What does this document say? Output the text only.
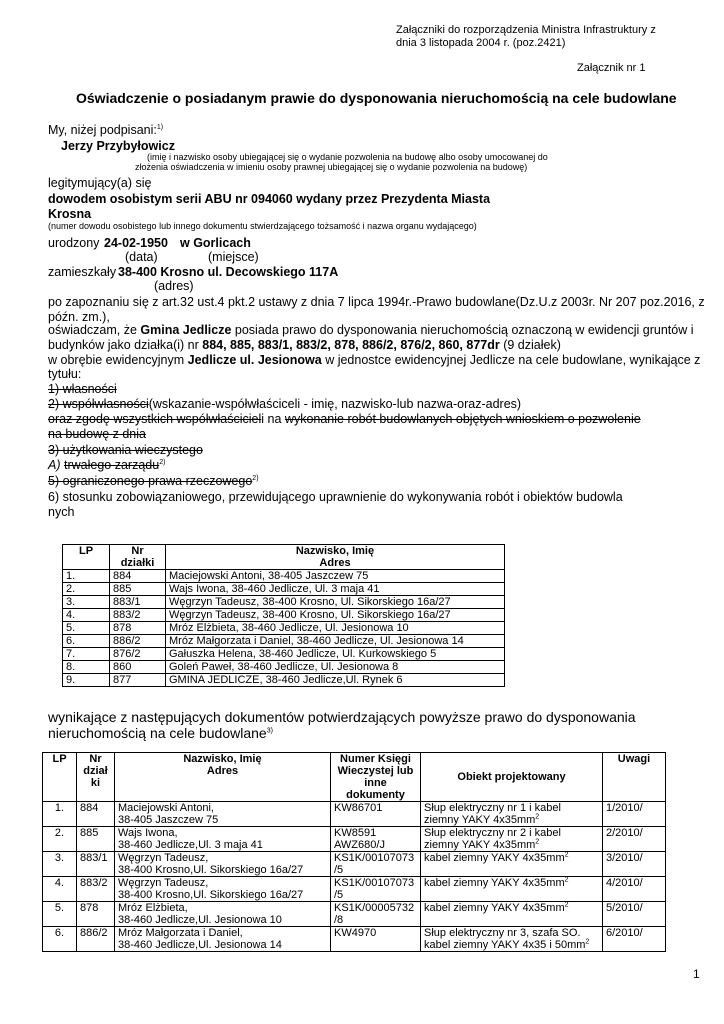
Załączniki do rozporządzenia Ministra Infrastruktury z
dnia 3 listopada 2004 r. (poz.2421)
Załącznik nr 1
Oświadczenie o posiadanym prawie do dysponowania nieruchomością na cele budowlane
My, niżej podpisani:$^{1)}$
Jerzy Przybyłowicz
(imię i nazwisko osoby ubiegającej się o wydanie pozwolenia na budowę albo osoby umocowanej do
złożenia oświadczenia w imieniu osoby prawnej ubiegającej się o wydanie pozwolenia na budowę)
legitymujący(a) się
dowodem osobistym serii ABU nr 094060 wydany przez Prezydenta Miasta
Krosna
(numer dowodu osobistego lub innego dokumentu stwierdzającego tożsamość i nazwa organu wydającego)
urodzony 24-02-1950 w Gorlicach
(data)	(miejsce)
zamieszkały 38-400 Krosno ul. Decowskiego 117A
(adres)
po zapoznaniu się z art.32 ust.4 pkt.2 ustawy z dnia 7 lipca 1994r.-Prawo budowlane(Dz.U.z 2003r. Nr 207 poz.2016, z
późn. zm.),
oświadczam, że Gmina Jedlicze posiada prawo do dysponowania nieruchomością oznaczoną w ewidencji gruntów i
budynków jako działka(i) nr 884, 885, 883/1, 883/2, 878, 886/2, 876/2, 860, 877dr (9 działek)
w obrębie ewidencyjnym Jedlicze ul. Jesionowa w jednostce ewidencyjnej Jedlicze na cele budowlane, wynikające z
tytułu:
1) własności
2) współwłasności(wskazanie-współwłaściceli - imię, nazwisko-lub nazwa-oraz-adres)
oraz zgodę wszystkich współwłaścicieli na wykonanie robót budowlanych objętych wnioskiem o pozwolenie
na budowę z dnia
3) użytkowania wieczystego
A) trwałego zarządu$^{2)}$
5) ograniczonego prawa rzeczowego$^{2)}$
6) stosunku zobowiązaniowego, przewidującego uprawnienie do wykonywania robót i obiektów budowla
nych
LP	Nr
działki	Nazwisko, Imię
Adres
1.	884	Maciejowski Antoni, 38-405 Jaszczew 75
2.	885	Wajs Iwona, 38-460 Jedlicze, Ul. 3 maja 41
3.	883/1	Węgrzyn Tadeusz, 38-400 Krosno, Ul. Sikorskiego 16a/27
4.	883/2	Węgrzyn Tadeusz, 38-400 Krosno, Ul. Sikorskiego 16a/27
5.	878	Mróz Elżbieta, 38-460 Jedlicze, Ul. Jesionowa 10
6.	886/2	Mróz Małgorzata i Daniel, 38-460 Jedlicze, Ul. Jesionowa 14
7.	876/2	Gałuszka Helena, 38-460 Jedlicze, Ul. Kurkowskiego 5
8.	860	Goleń Paweł, 38-460 Jedlicze, Ul. Jesionowa 8
9.	877	GMINA JEDLICZE, 38-460 Jedlicze,Ul. Rynek 6
wynikające z następujących dokumentów potwierdzających powyższe prawo do dysponowania
nieruchomością na cele budowlane$^{3)}$
LP	Nr
dział
ki	Nazwisko, Imię
Adres	Numer Księgi
Wieczystej lub
inne
dokumenty	Obiekt projektowany	Uwagi
1.	884	Maciejowski Antoni,
38-405 Jaszczew 75	KW86701	Słup elektryczny nr 1 i kabel
ziemny YAKY $4x35mm^2$	1/2010/
2.	885	Wajs Iwona,
38-460 Jedlicze,Ul. 3 maja 41	KW8591
AWZ680/J	Słup elektryczny nr 2 i kabel
ziemny YAKY $4x35mm^2$	2/2010/
3.	883/1	Węgrzyn Tadeusz,
38-400 Krosno,Ul. Sikorskiego 16a/27	KS1K/00107073
/5	kabel ziemny YAKY $4x35mm^2$	3/2010/
4.	883/2	Węgrzyn Tadeusz,
38-400 Krosno,Ul. Sikorskiego 16a/27	KS1K/00107073
/5	kabel ziemny YAKY $4x35mm^2$	4/2010/
5.	878	Mróz Elżbieta,
38-460 Jedlicze,Ul. Jesionowa 10	KS1K/00005732
/8	kabel ziemny YAKY $4x35mm^2$	5/2010/
6.	886/2	Mróz Małgorzata i Daniel,
38-460 Jedlicze,Ul. Jesionowa 14	KW4970	Słup elektryczny nr 3, szafa SO.
kabel ziemny YAKY 4x35 i $50mm^2$	6/2010/
1
